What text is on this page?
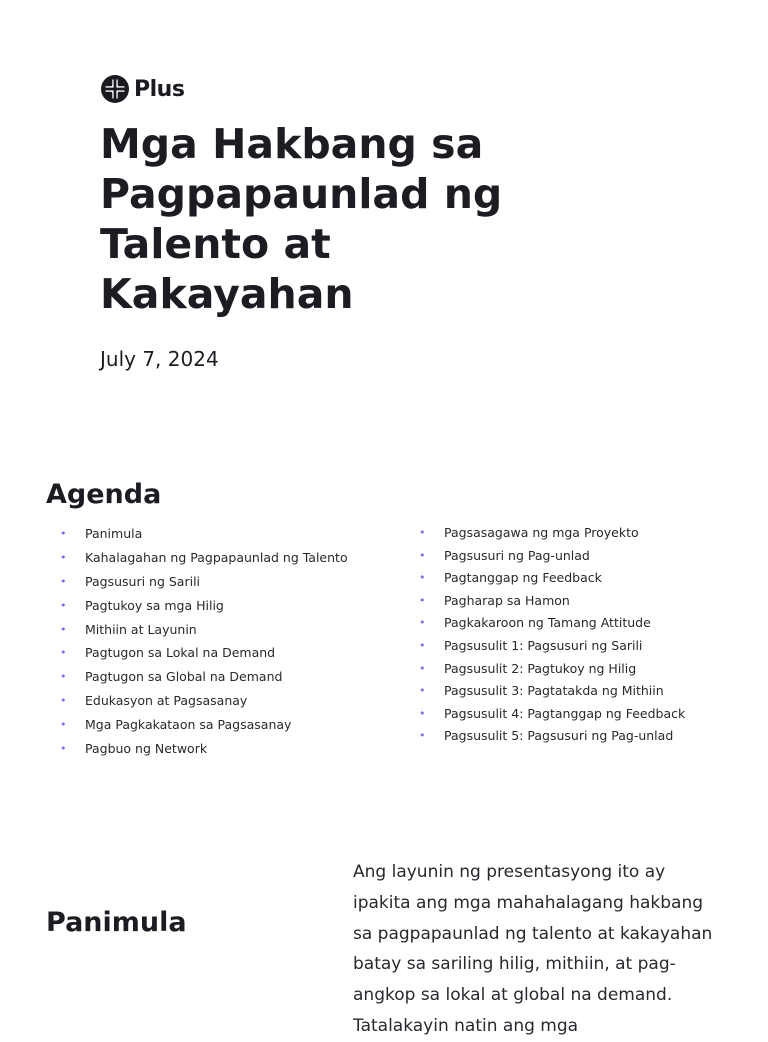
Plus
Mga Hakbang sa Pagpapaunlad ng Talento at Kakayahan
July 7, 2024
Agenda
• Panimula
• Kahalagahan ng Pagpapaunlad ng Talento
• Pagsusuri ng Sarili
• Pagtukoy sa mga Hilig
• Mithiin at Layunin
• Pagtugon sa Lokal na Demand
• Pagtugon sa Global na Demand
• Edukasyon at Pagsasanay
• Mga Pagkakataon sa Pagsasanay
• Pagbuo ng Network
• Pagsasagawa ng mga Proyekto
• Pagsusuri ng Pag-unlad
• Pagtanggap ng Feedback
• Pagharap sa Hamon
• Pagkakaroon ng Tamang Attitude
• Pagsusulit 1: Pagsusuri ng Sarili
• Pagsusulit 2: Pagtukoy ng Hilig
• Pagsusulit 3: Pagtatakda ng Mithiin
• Pagsusulit 4: Pagtanggap ng Feedback
• Pagsusulit 5: Pagsusuri ng Pag-unlad
Panimula

Ang layunin ng presentasyong ito ay ipakita ang mga mahahalagang hakbang sa pagpapaunlad ng talento at kakayahan batay sa sariling hilig, mithiin, at pag-angkop sa lokal at global na demand. Tatalakayin natin ang mga
